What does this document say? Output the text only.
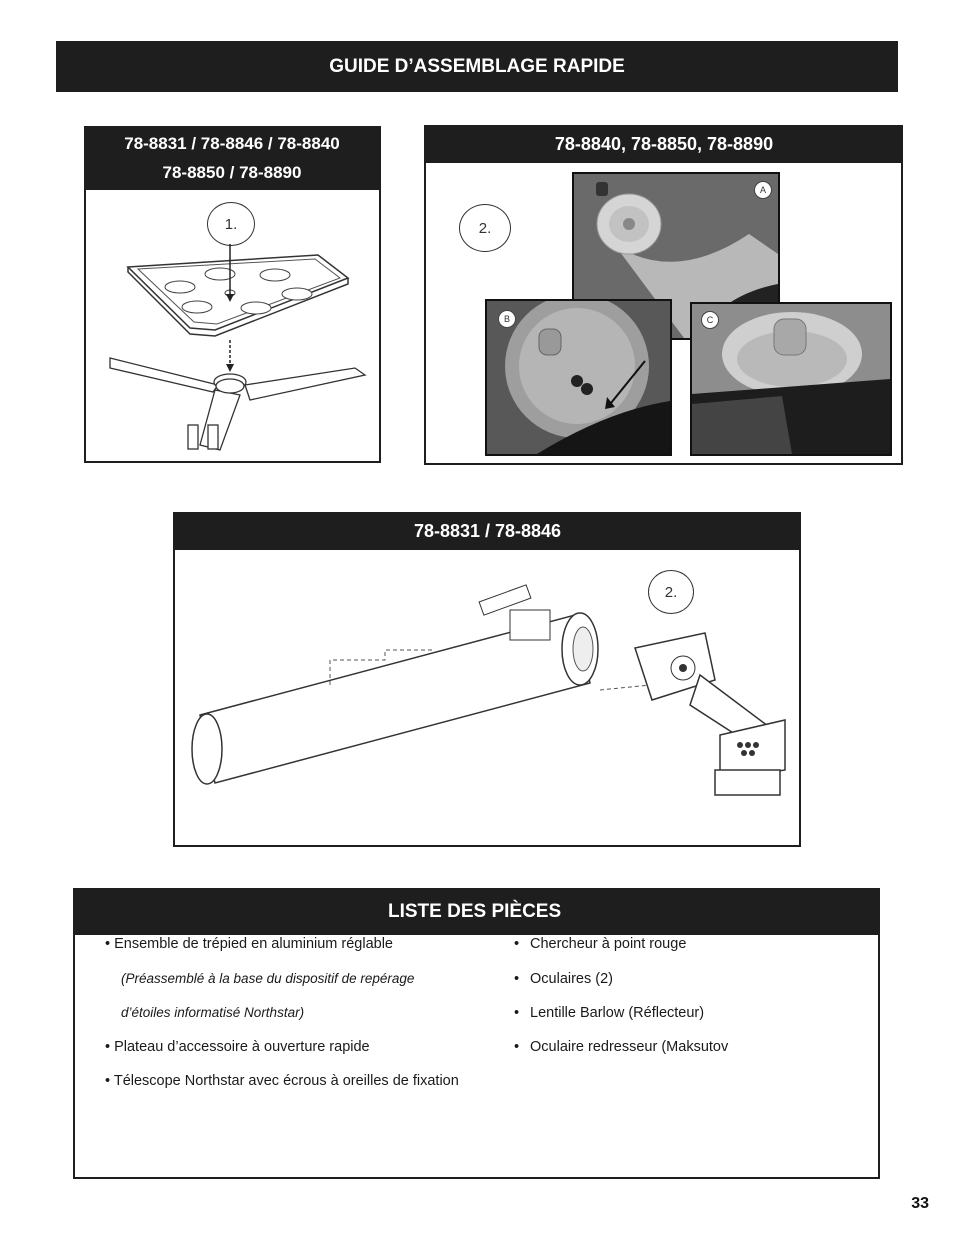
GUIDE D’ASSEMBLAGE RAPIDE
78-8831 / 78-8846 / 78-8840
78-8850 / 78-8890
1.
78-8840, 78-8850, 78-8890
2.
A
B	C
78-8831 / 78-8846
2.
LISTE DES PIÈCES
• Ensemble de trépied en aluminium réglable
(Préassemblé à la base du dispositif de repérage
d’étoiles informatisé Northstar)
• Plateau d’accessoire à ouverture rapide
• Télescope Northstar avec écrous à oreilles de fixation
• Chercheur à point rouge
• Oculaires (2)
• Lentille Barlow (Réflecteur)
• Oculaire redresseur (Maksutov
33
